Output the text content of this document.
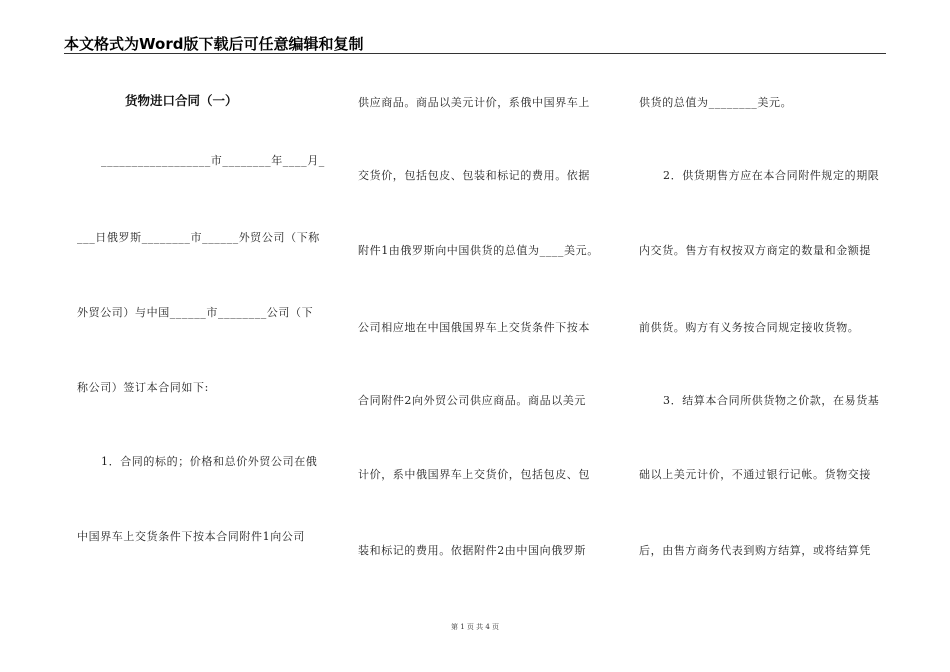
本文格式为Word版下载后可任意编辑和复制
货物进口合同（一）
__________________市________年____月_
___日俄罗斯________市______外贸公司（下称
外贸公司）与中国______市________公司（下
称公司）签订本合同如下:
1．合同的标的；价格和总价外贸公司在俄
中国界车上交货条件下按本合同附件1向公司
供应商品。商品以美元计价，系俄中国界车上
交货价，包括包皮、包装和标记的费用。依据
附件1由俄罗斯向中国供货的总值为____美元。
公司相应地在中国俄国界车上交货条件下按本
合同附件2向外贸公司供应商品。商品以美元
计价，系中俄国界车上交货价，包括包皮、包
装和标记的费用。依据附件2由中国向俄罗斯
供货的总值为________美元。
2．供货期售方应在本合同附件规定的期限
内交货。售方有权按双方商定的数量和金额提
前供货。购方有义务按合同规定接收货物。
3．结算本合同所供货物之价款，在易货基
础以上美元计价，不通过银行记帐。货物交接
后，由售方商务代表到购方结算，或将结算凭
第 1 页 共 4 页
